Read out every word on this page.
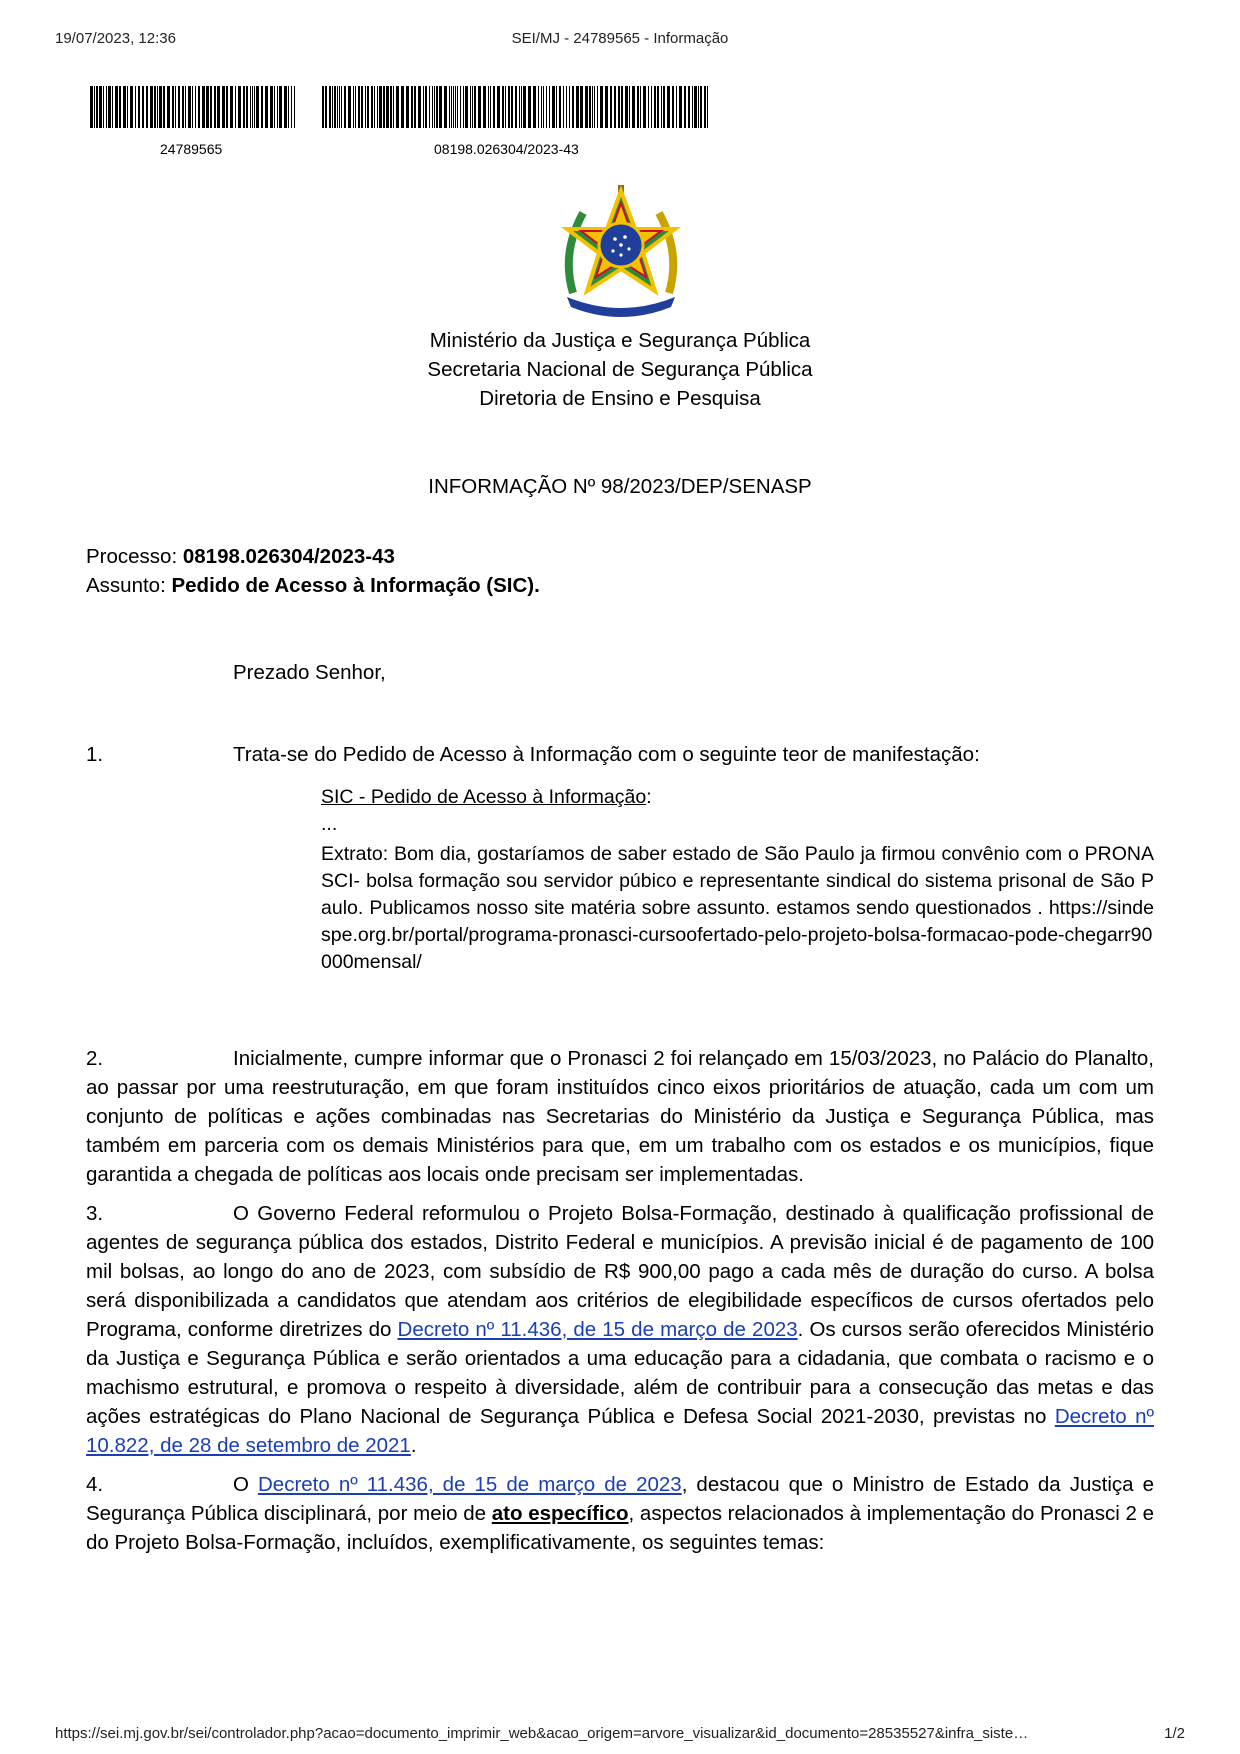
19/07/2023, 12:36	SEI/MJ - 24789565 - Informação
24789565	08198.026304/2023-43
Ministério da Justiça e Segurança Pública
Secretaria Nacional de Segurança Pública
Diretoria de Ensino e Pesquisa
INFORMAÇÃO Nº 98/2023/DEP/SENASP
Processo: 08198.026304/2023-43
Assunto: Pedido de Acesso à Informação (SIC).
Prezado Senhor,
1.	Trata-se do Pedido de Acesso à Informação com o seguinte teor de manifestação:
SIC - Pedido de Acesso à Informação:
...
Extrato: Bom dia, gostaríamos de saber estado de São Paulo ja firmou convênio com o PRONASCI- bolsa formação sou servidor púbico e representante sindical do sistema prisonal de São Paulo. Publicamos nosso site matéria sobre assunto. estamos sendo questionados . https://sindespe.org.br/portal/programa-pronasci-cursoofertado-pelo-projeto-bolsa-formacao-pode-chegarr90000mensal/

2.	Inicialmente, cumpre informar que o Pronasci 2 foi relançado em 15/03/2023, no Palácio do Planalto, ao passar por uma reestruturação, em que foram instituídos cinco eixos prioritários de atuação, cada um com um conjunto de políticas e ações combinadas nas Secretarias do Ministério da Justiça e Segurança Pública, mas também em parceria com os demais Ministérios para que, em um trabalho com os estados e os municípios, fique garantida a chegada de políticas aos locais onde precisam ser implementadas.

3.	O Governo Federal reformulou o Projeto Bolsa-Formação, destinado à qualificação profissional de agentes de segurança pública dos estados, Distrito Federal e municípios. A previsão inicial é de pagamento de 100 mil bolsas, ao longo do ano de 2023, com subsídio de R$ 900,00 pago a cada mês de duração do curso. A bolsa será disponibilizada a candidatos que atendam aos critérios de elegibilidade específicos de cursos ofertados pelo Programa, conforme diretrizes do Decreto nº 11.436, de 15 de março de 2023. Os cursos serão oferecidos Ministério da Justiça e Segurança Pública e serão orientados a uma educação para a cidadania, que combata o racismo e o machismo estrutural, e promova o respeito à diversidade, além de contribuir para a consecução das metas e das ações estratégicas do Plano Nacional de Segurança Pública e Defesa Social 2021-2030, previstas no Decreto nº 10.822, de 28 de setembro de 2021.

4.	O Decreto nº 11.436, de 15 de março de 2023, destacou que o Ministro de Estado da Justiça e Segurança Pública disciplinará, por meio de ato específico, aspectos relacionados à implementação do Pronasci 2 e do Projeto Bolsa-Formação, incluídos, exemplificativamente, os seguintes temas:

https://sei.mj.gov.br/sei/controlador.php?acao=documento_imprimir_web&acao_origem=arvore_visualizar&id_documento=28535527&infra_siste…	1/2
